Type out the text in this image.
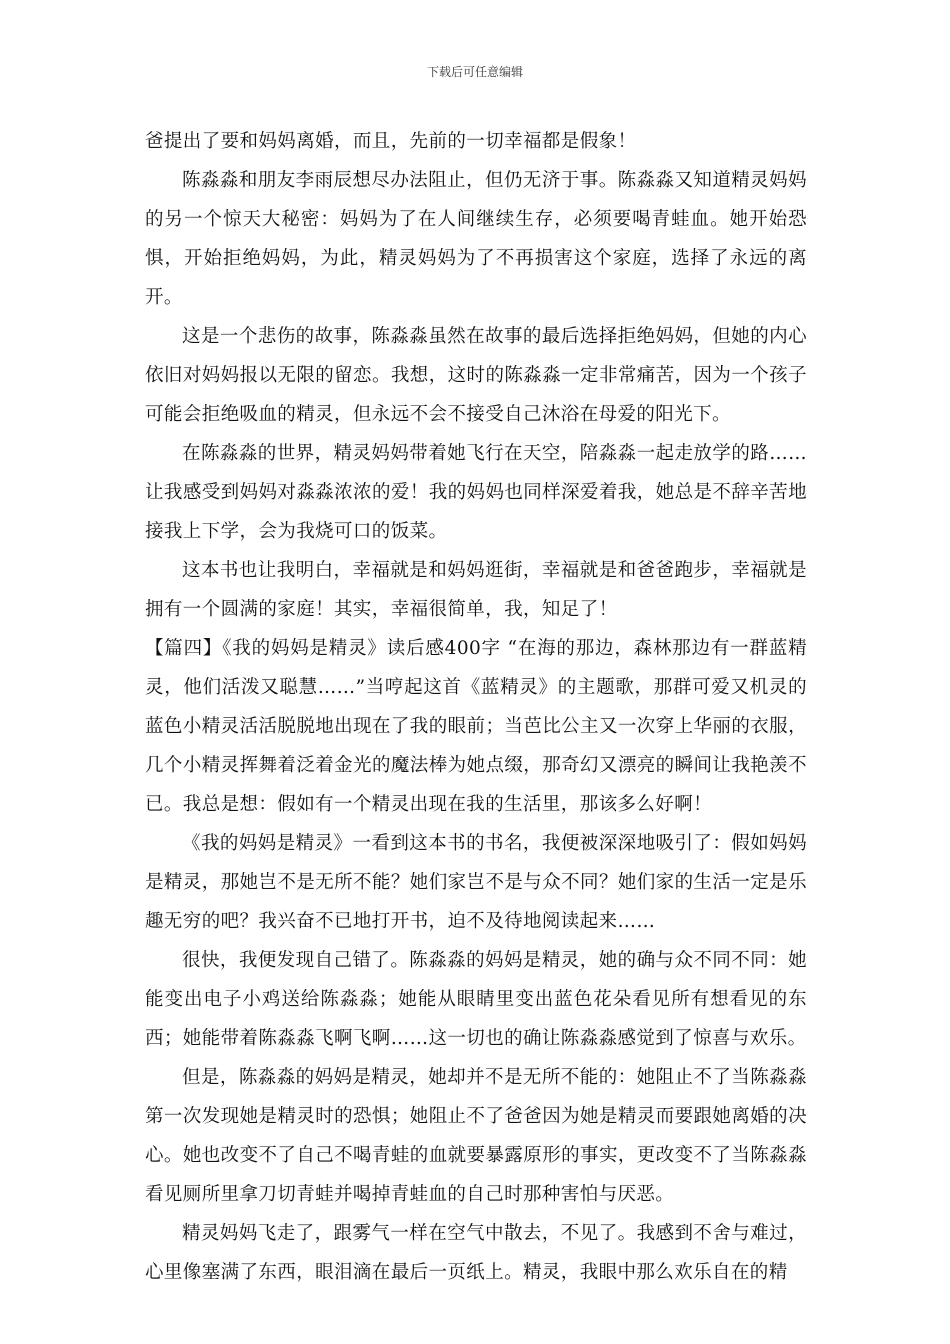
下载后可任意编辑

爸提出了要和妈妈离婚，而且，先前的一切幸福都是假象！

陈淼淼和朋友李雨辰想尽办法阻止，但仍无济于事。陈淼淼又知道精灵妈妈的另一个惊天大秘密：妈妈为了在人间继续生存，必须要喝青蛙血。她开始恐惧，开始拒绝妈妈，为此，精灵妈妈为了不再损害这个家庭，选择了永远的离开。

这是一个悲伤的故事，陈淼淼虽然在故事的最后选择拒绝妈妈，但她的内心依旧对妈妈报以无限的留恋。我想，这时的陈淼淼一定非常痛苦，因为一个孩子可能会拒绝吸血的精灵，但永远不会不接受自己沐浴在母爱的阳光下。

在陈淼淼的世界，精灵妈妈带着她飞行在天空，陪淼淼一起走放学的路……让我感受到妈妈对淼淼浓浓的爱！我的妈妈也同样深爱着我，她总是不辞辛苦地接我上下学，会为我烧可口的饭菜。

这本书也让我明白，幸福就是和妈妈逛街，幸福就是和爸爸跑步，幸福就是拥有一个圆满的家庭！其实，幸福很简单，我，知足了！

【篇四】《我的妈妈是精灵》读后感400字 “在海的那边，森林那边有一群蓝精灵，他们活泼又聪慧……”当哼起这首《蓝精灵》的主题歌，那群可爱又机灵的蓝色小精灵活活脱脱地出现在了我的眼前；当芭比公主又一次穿上华丽的衣服，几个小精灵挥舞着泛着金光的魔法棒为她点缀，那奇幻又漂亮的瞬间让我艳羡不已。我总是想：假如有一个精灵出现在我的生活里，那该多么好啊！

《我的妈妈是精灵》一看到这本书的书名，我便被深深地吸引了：假如妈妈是精灵，那她岂不是无所不能？她们家岂不是与众不同？她们家的生活一定是乐趣无穷的吧？我兴奋不已地打开书，迫不及待地阅读起来……

很快，我便发现自己错了。陈淼淼的妈妈是精灵，她的确与众不同不同：她能变出电子小鸡送给陈淼淼；她能从眼睛里变出蓝色花朵看见所有想看见的东西；她能带着陈淼淼飞啊飞啊……这一切也的确让陈淼淼感觉到了惊喜与欢乐。

但是，陈淼淼的妈妈是精灵，她却并不是无所不能的：她阻止不了当陈淼淼第一次发现她是精灵时的恐惧；她阻止不了爸爸因为她是精灵而要跟她离婚的决心。她也改变不了自己不喝青蛙的血就要暴露原形的事实，更改变不了当陈淼淼看见厕所里拿刀切青蛙并喝掉青蛙血的自己时那种害怕与厌恶。

精灵妈妈飞走了，跟雾气一样在空气中散去，不见了。我感到不舍与难过，心里像塞满了东西，眼泪滴在最后一页纸上。精灵，我眼中那么欢乐自在的精
